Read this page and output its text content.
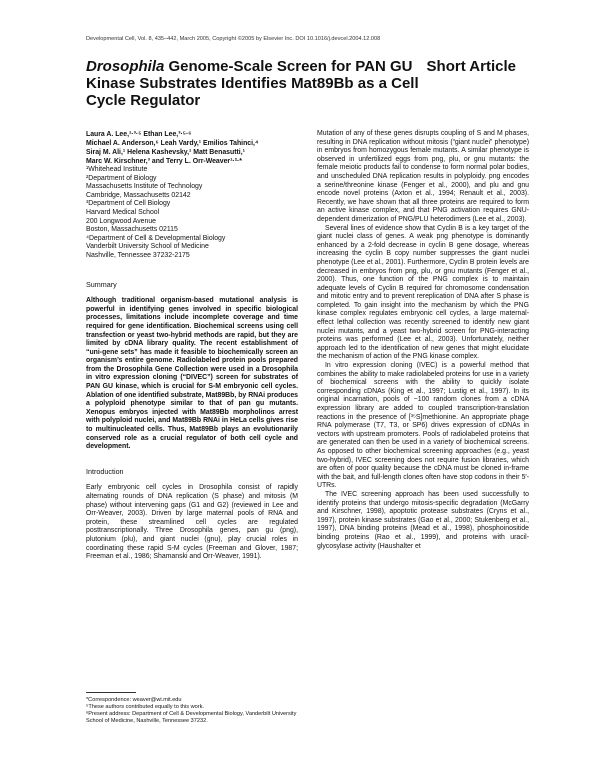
Developmental Cell, Vol. 8, 435–442, March 2005, Copyright ©2005 by Elsevier Inc. DOI 10.1016/j.devcel.2004.12.008
Drosophila Genome-Scale Screen for PAN GU Kinase Substrates Identifies Mat89Bb as a Cell Cycle Regulator
Short Article
Laura A. Lee,¹·³·⁵ Ethan Lee,³·⁵·⁶
Michael A. Anderson,⁶ Leah Vardy,¹ Emilios Tahinci,⁴
Siraj M. Ali,¹ Helena Kashevsky,¹ Matt Benasutti,¹
Marc W. Kirschner,³ and Terry L. Orr-Weaver¹·²·*
¹Whitehead Institute
²Department of Biology
Massachusetts Institute of Technology
Cambridge, Massachusetts 02142
³Department of Cell Biology
Harvard Medical School
200 Longwood Avenue
Boston, Massachusetts 02115
⁴Department of Cell & Developmental Biology
Vanderbilt University School of Medicine
Nashville, Tennessee 37232-2175
Summary

Although traditional organism-based mutational analysis is powerful in identifying genes involved in specific biological processes, limitations include incomplete coverage and time required for gene identification. Biochemical screens using cell transfection or yeast two-hybrid methods are rapid, but they are limited by cDNA library quality. The recent establishment of “uni-gene sets” has made it feasible to biochemically screen an organism’s entire genome. Radiolabeled protein pools prepared from the Drosophila Gene Collection were used in a Drosophila in vitro expression cloning (“DIVEC”) screen for substrates of PAN GU kinase, which is crucial for S-M embryonic cell cycles. Ablation of one identified substrate, Mat89Bb, by RNAi produces a polyploid phenotype similar to that of pan gu mutants. Xenopus embryos injected with Mat89Bb morpholinos arrest with polyploid nuclei, and Mat89Bb RNAi in HeLa cells gives rise to multinucleated cells. Thus, Mat89Bb plays an evolutionarily conserved role as a crucial regulator of both cell cycle and development.

Introduction

Early embryonic cell cycles in Drosophila consist of rapidly alternating rounds of DNA replication (S phase) and mitosis (M phase) without intervening gaps (G1 and G2) (reviewed in Lee and Orr-Weaver, 2003). Driven by large maternal pools of RNA and protein, these streamlined cell cycles are regulated posttranscriptionally. Three Drosophila genes, pan gu (png), plutonium (plu), and giant nuclei (gnu), play crucial roles in coordinating these rapid S-M cycles (Freeman and Glover, 1987; Freeman et al., 1986; Shamanski and Orr-Weaver, 1991).

*Correspondence: weaver@wi.mit.edu
⁵These authors contributed equally to this work.
⁶Present address: Department of Cell & Developmental Biology, Vanderbilt University School of Medicine, Nashville, Tennessee 37232.

Mutation of any of these genes disrupts coupling of S and M phases, resulting in DNA replication without mitosis (“giant nuclei” phenotype) in embryos from homozygous female mutants. A similar phenotype is observed in unfertilized eggs from png, plu, or gnu mutants: the female meiotic products fail to condense to form normal polar bodies, and unscheduled DNA replication results in polyploidy. png encodes a serine/threonine kinase (Fenger et al., 2000), and plu and gnu encode novel proteins (Axton et al., 1994; Renault et al., 2003). Recently, we have shown that all three proteins are required to form an active kinase complex, and that PNG activation requires GNU-dependent dimerization of PNG/PLU heterodimers (Lee et al., 2003).

Several lines of evidence show that Cyclin B is a key target of the giant nuclei class of genes. A weak png phenotype is dominantly enhanced by a 2-fold decrease in cyclin B gene dosage, whereas increasing the cyclin B copy number suppresses the giant nuclei phenotype (Lee et al., 2001). Furthermore, Cyclin B protein levels are decreased in embryos from png, plu, or gnu mutants (Fenger et al., 2000). Thus, one function of the PNG complex is to maintain adequate levels of Cyclin B required for chromosome condensation and mitotic entry and to prevent rereplication of DNA after S phase is completed. To gain insight into the mechanism by which the PNG kinase complex regulates embryonic cell cycles, a large maternal-effect lethal collection was recently screened to identify new giant nuclei mutants, and a yeast two-hybrid screen for PNG-interacting proteins was performed (Lee et al., 2003). Unfortunately, neither approach led to the identification of new genes that might elucidate the mechanism of action of the PNG kinase complex.

In vitro expression cloning (IVEC) is a powerful method that combines the ability to make radiolabeled proteins for use in a variety of biochemical screens with the ability to quickly isolate corresponding cDNAs (King et al., 1997; Lustig et al., 1997). In its original incarnation, pools of ~100 random clones from a cDNA expression library are added to coupled transcription-translation reactions in the presence of [³⁵S]methionine. An appropriate phage RNA polymerase (T7, T3, or SP6) drives expression of cDNAs in vectors with upstream promoters. Pools of radiolabeled proteins that are generated can then be used in a variety of biochemical screens. As opposed to other biochemical screening approaches (e.g., yeast two-hybrid), IVEC screening does not require fusion libraries, which are often of poor quality because the cDNA must be cloned in-frame with the bait, and full-length clones often have stop codons in their 5′-UTRs.

The IVEC screening approach has been used successfully to identify proteins that undergo mitosis-specific degradation (McGarry and Kirschner, 1998), apoptotic protease substrates (Cryns et al., 1997), protein kinase substrates (Gao et al., 2000; Stukenberg et al., 1997), DNA binding proteins (Mead et al., 1998), phosphoinositide binding proteins (Rao et al., 1999), and proteins with uracil-glycosylase activity (Haushalter et
